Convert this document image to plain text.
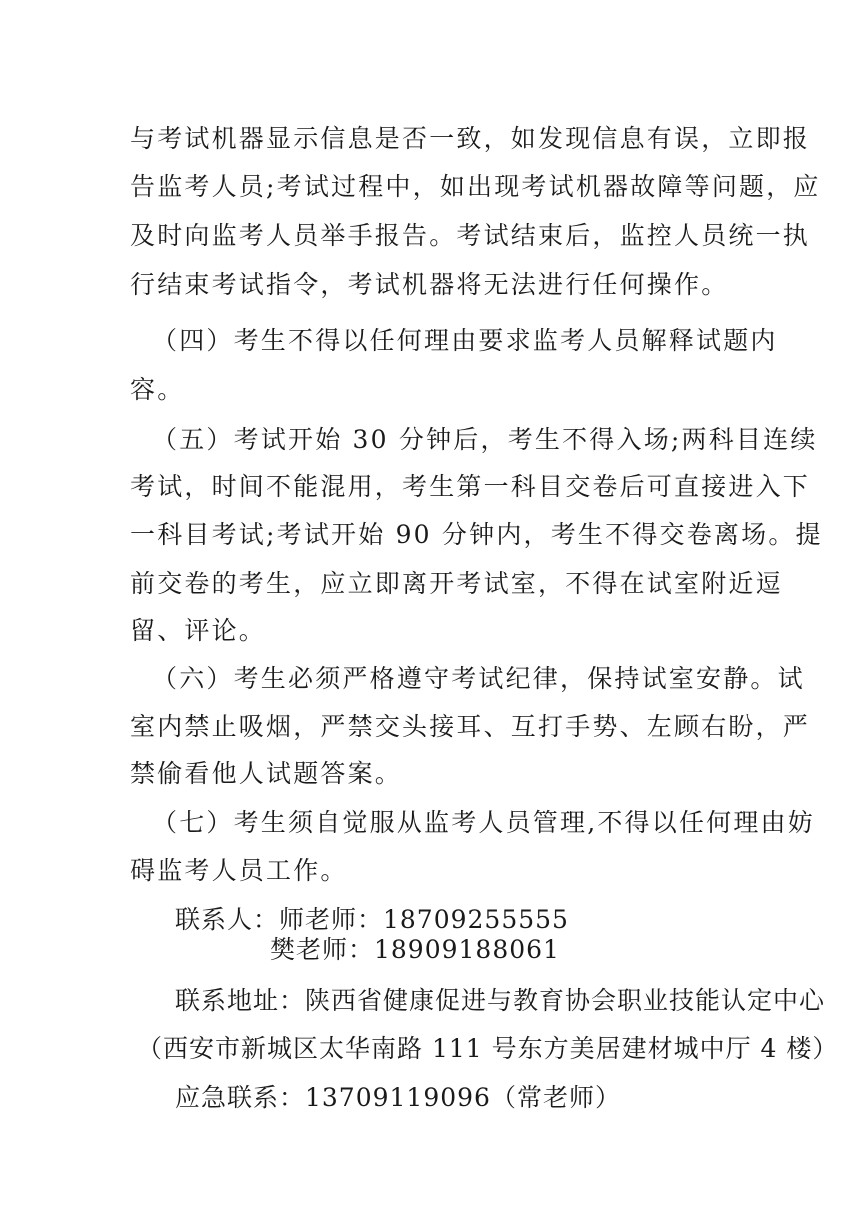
与考试机器显示信息是否一致，如发现信息有误，立即报
告监考人员;考试过程中，如出现考试机器故障等问题，应
及时向监考人员举手报告。考试结束后，监控人员统一执
行结束考试指令，考试机器将无法进行任何操作。
（四）考生不得以任何理由要求监考人员解释试题内
容。
（五）考试开始 30 分钟后，考生不得入场;两科目连续
考试，时间不能混用，考生第一科目交卷后可直接进入下
一科目考试;考试开始 90 分钟内，考生不得交卷离场。提
前交卷的考生，应立即离开考试室，不得在试室附近逗
留、评论。
（六）考生必须严格遵守考试纪律，保持试室安静。试
室内禁止吸烟，严禁交头接耳、互打手势、左顾右盼，严
禁偷看他人试题答案。
（七）考生须自觉服从监考人员管理,不得以任何理由妨
碍监考人员工作。
联系人：师老师：18709255555
樊老师：18909188061
联系地址：陕西省健康促进与教育协会职业技能认定中心
（西安市新城区太华南路 111 号东方美居建材城中厅 4 楼）
应急联系：13709119096（常老师）
